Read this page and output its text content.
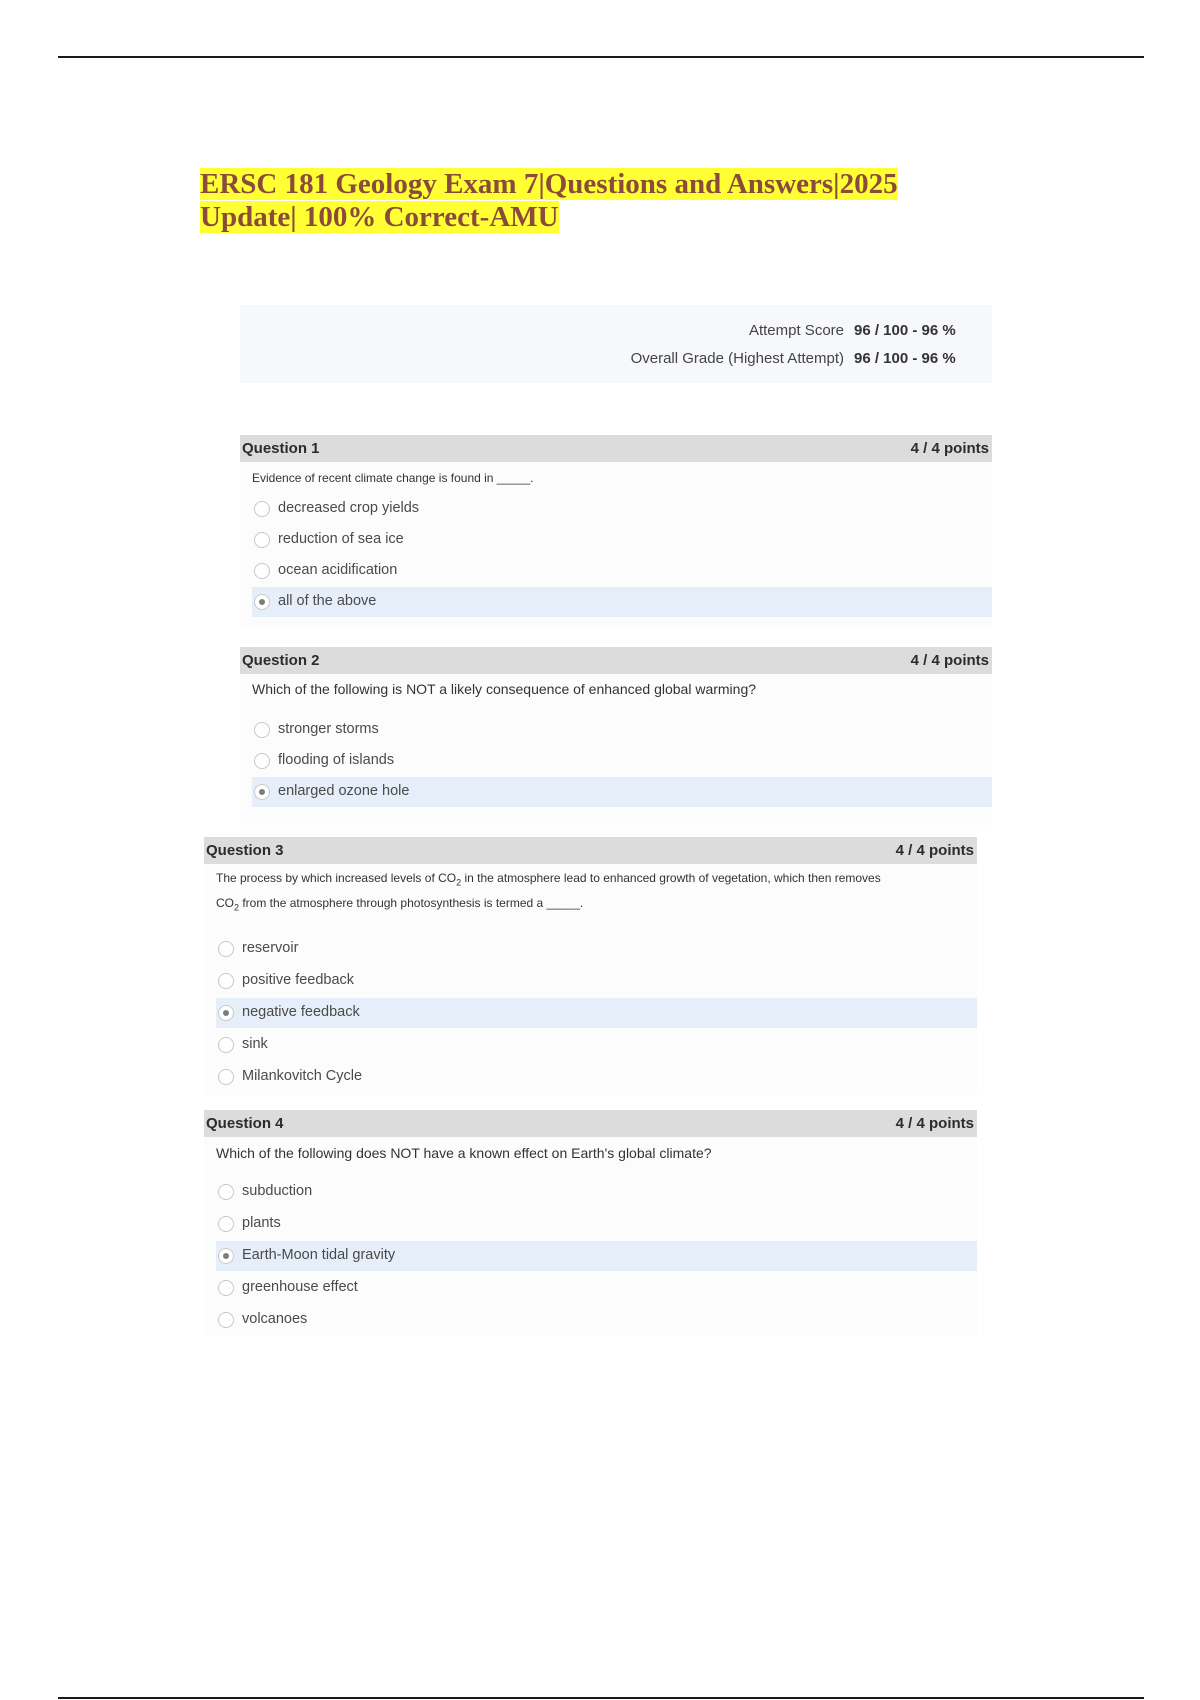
ERSC 181 Geology Exam 7|Questions and Answers|2025 Update| 100% Correct-AMU
Attempt Score 96 / 100 - 96 %
Overall Grade (Highest Attempt) 96 / 100 - 96 %
Question 1	4 / 4 points
Evidence of recent climate change is found in _____.
decreased crop yields
reduction of sea ice
ocean acidification
all of the above
Question 2	4 / 4 points
Which of the following is NOT a likely consequence of enhanced global warming?
stronger storms
flooding of islands
enlarged ozone hole
Question 3	4 / 4 points
The process by which increased levels of $CO_2$ in the atmosphere lead to enhanced growth of vegetation, which then removes
$CO_2$ from the atmosphere through photosynthesis is termed a _____.
reservoir
positive feedback
negative feedback
sink
Milankovitch Cycle
Question 4	4 / 4 points
Which of the following does NOT have a known effect on Earth's global climate?
subduction
plants
Earth-Moon tidal gravity
greenhouse effect
volcanoes
